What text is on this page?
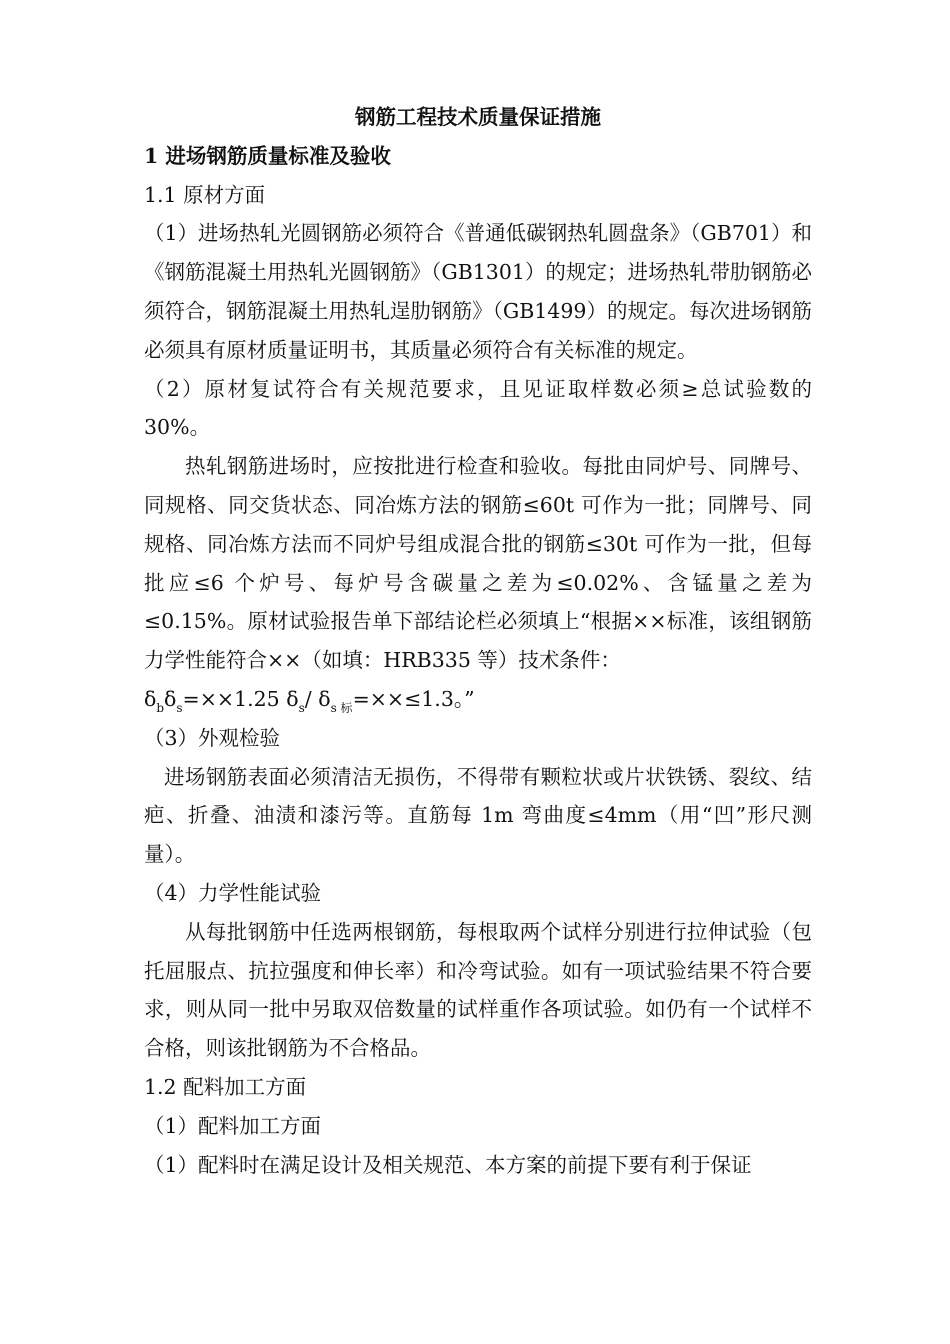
钢筋工程技术质量保证措施
1 进场钢筋质量标准及验收
1.1 原材方面
（1）进场热轧光圆钢筋必须符合《普通低碳钢热轧圆盘条》（GB701）和《钢筋混凝土用热轧光圆钢筋》（GB1301）的规定；进场热轧带肋钢筋必须符合，钢筋混凝土用热轧逞肋钢筋》（GB1499）的规定。每次进场钢筋必须具有原材质量证明书，其质量必须符合有关标准的规定。
（2）原材复试符合有关规范要求，且见证取样数必须≥总试验数的30%。
热轧钢筋进场时，应按批进行检查和验收。每批由同炉号、同牌号、同规格、同交货状态、同冶炼方法的钢筋≤60t 可作为一批；同牌号、同规格、同冶炼方法而不同炉号组成混合批的钢筋≤30t 可作为一批，但每批应≤6 个炉号、每炉号含碳量之差为≤0.02%、含锰量之差为≤0.15%。原材试验报告单下部结论栏必须填上“根据××标准，该组钢筋力学性能符合××（如填：HRB335 等）技术条件：
$\delta_b\delta_s=\times\times 1.25$ $\delta_s/$ $\delta_{s 标}=\times\times\le 1.3$。”
（3）外观检验
进场钢筋表面必须清洁无损伤，不得带有颗粒状或片状铁锈、裂纹、结疤、折叠、油渍和漆污等。直筋每 1m 弯曲度≤4mm（用“凹”形尺测量）。
（4）力学性能试验
从每批钢筋中任选两根钢筋，每根取两个试样分别进行拉伸试验（包托屈服点、抗拉强度和伸长率）和冷弯试验。如有一项试验结果不符合要求，则从同一批中另取双倍数量的试样重作各项试验。如仍有一个试样不合格，则该批钢筋为不合格品。
1.2 配料加工方面
（1）配料加工方面
（1）配料时在满足设计及相关规范、本方案的前提下要有利于保证
